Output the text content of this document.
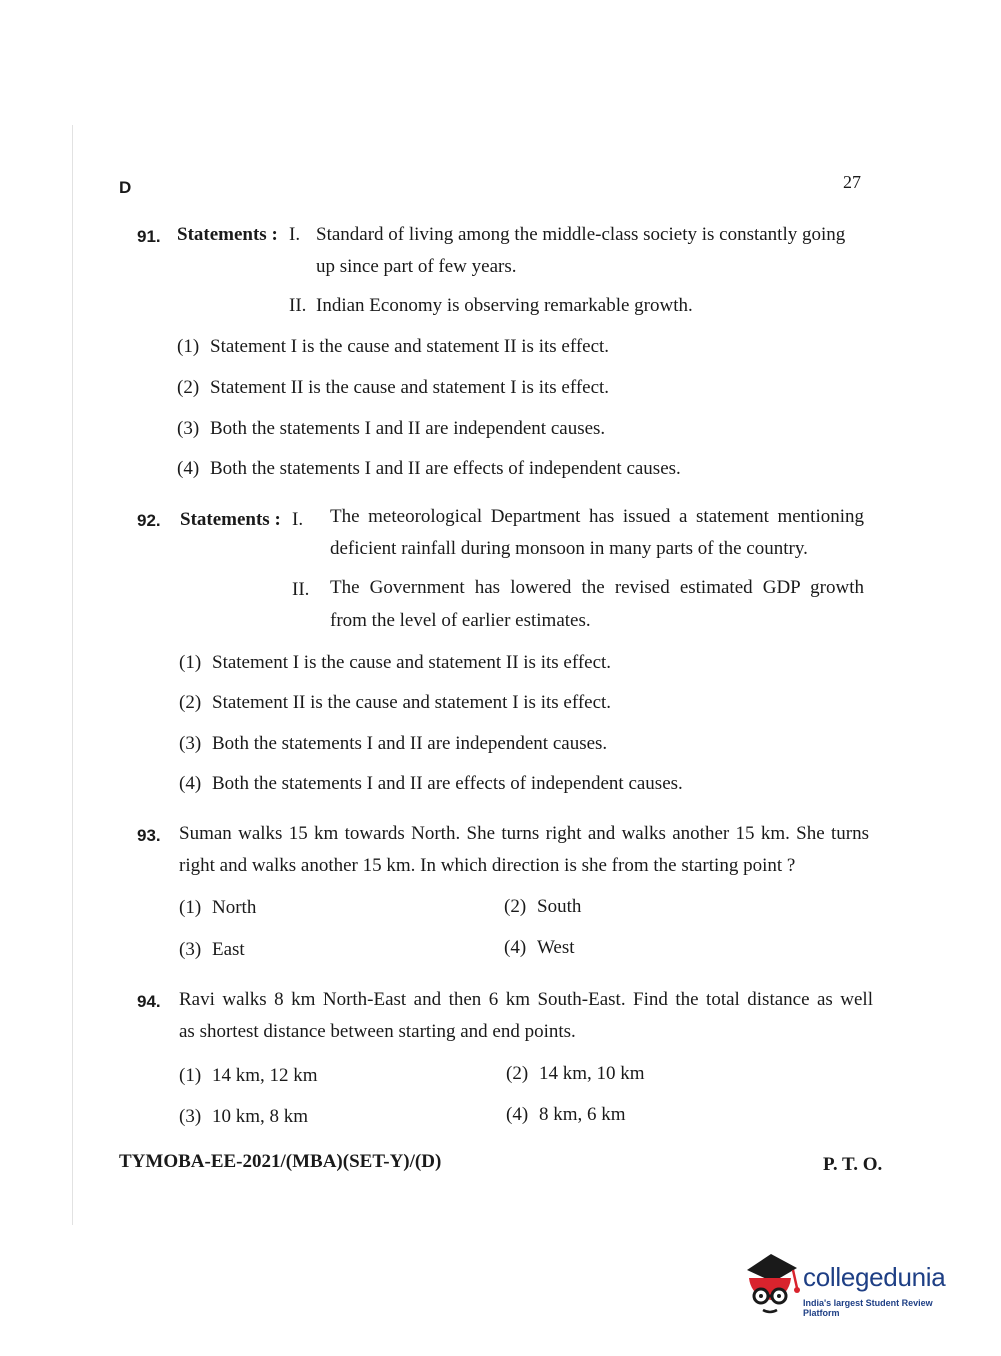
D	27
91. Statements : I. Standard of living among the middle-class society is constantly going
up since part of few years.
II. Indian Economy is observing remarkable growth.
(1) Statement I is the cause and statement II is its effect.
(2) Statement II is the cause and statement I is its effect.
(3) Both the statements I and II are independent causes.
(4) Both the statements I and II are effects of independent causes.
92. Statements : I. The meteorological Department has issued a statement mentioning
deficient rainfall during monsoon in many parts of the country.
II. The Government has lowered the revised estimated GDP growth
from the level of earlier estimates.
(1) Statement I is the cause and statement II is its effect.
(2) Statement II is the cause and statement I is its effect.
(3) Both the statements I and II are independent causes.
(4) Both the statements I and II are effects of independent causes.
93. Suman walks 15 km towards North. She turns right and walks another 15 km. She turns
right and walks another 15 km. In which direction is she from the starting point ?
(1) North	(2) South
(3) East	(4) West
94. Ravi walks 8 km North-East and then 6 km South-East. Find the total distance as well
as shortest distance between starting and end points.
(1) 14 km, 12 km	(2) 14 km, 10 km
(3) 10 km, 8 km	(4) 8 km, 6 km
TYMOBA-EE-2021/(MBA)(SET-Y)/(D)	P. T. O.
collegedunia
India's largest Student Review Platform
